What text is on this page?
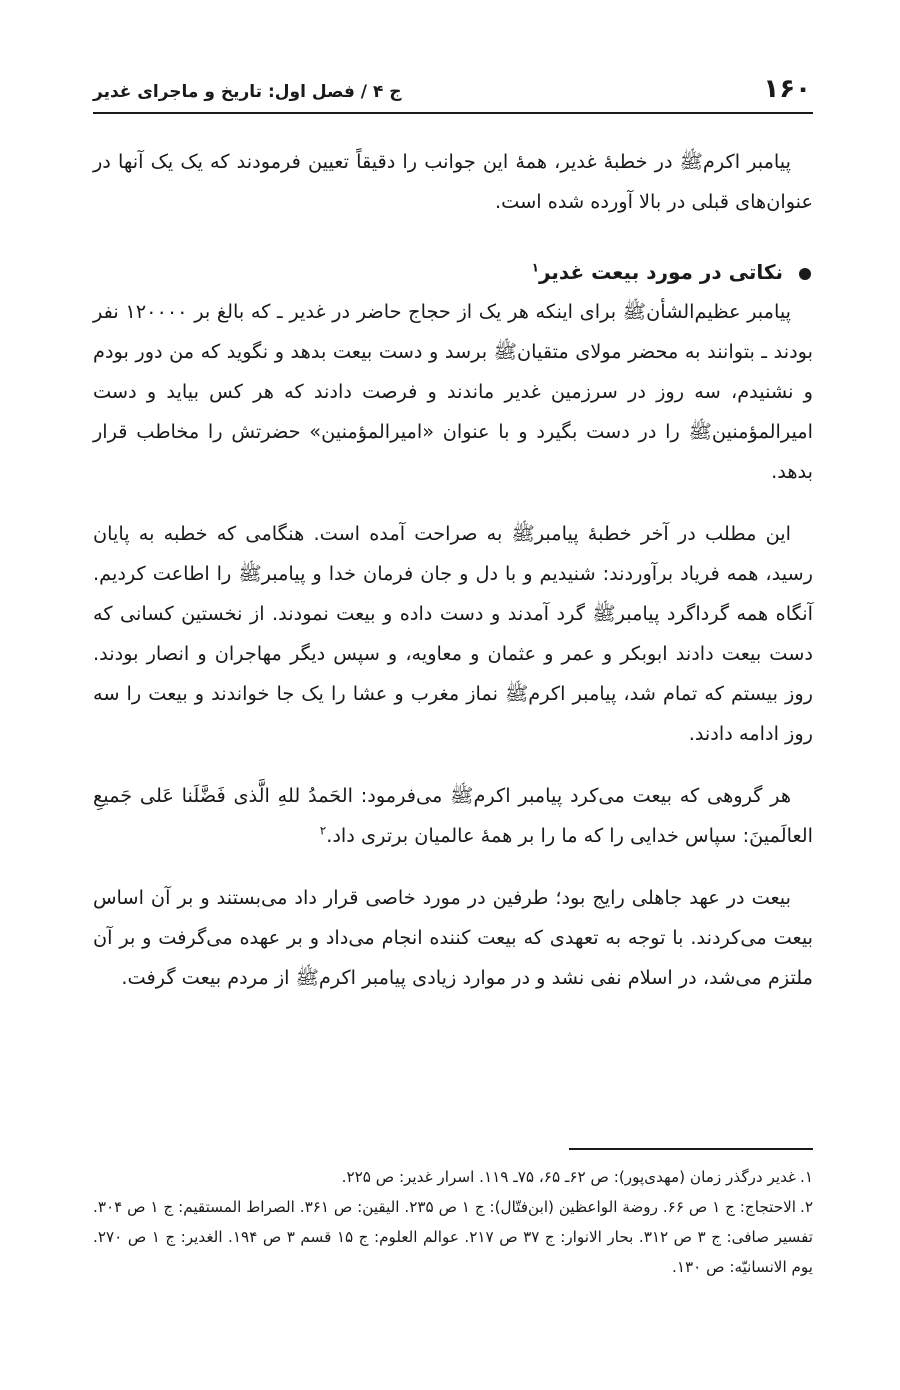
۱۶۰
ج ۴ / فصل اول: تاریخ و ماجرای غدیر

پیامبر اکرم‌ﷺ در خطبهٔ غدیر، همهٔ این جوانب را دقیقاً تعیین فرمودند که یک یک آنها در عنوان‌های قبلی در بالا آورده شده است.

نکاتی در مورد بیعت غدیر$^۱$

پیامبر عظیم‌الشأن‌ﷺ برای اینکه هر یک از حجاج حاضر در غدیر ـ که بالغ بر ۱۲۰۰۰۰ نفر بودند ـ بتوانند به محضر مولای متقیان‌ﷺ برسد و دست بیعت بدهد و نگوید که من دور بودم و نشنیدم، سه روز در سرزمین غدیر ماندند و فرصت دادند که هر کس بیاید و دست امیرالمؤمنین‌ﷺ را در دست بگیرد و با عنوان «امیرالمؤمنین» حضرتش را مخاطب قرار بدهد.

این مطلب در آخر خطبهٔ پیامبرﷺ به صراحت آمده است. هنگامی که خطبه به پایان رسید، همه فریاد برآوردند: شنیدیم و با دل و جان فرمان خدا و پیامبرﷺ را اطاعت کردیم. آنگاه همه گرداگرد پیامبرﷺ گرد آمدند و دست داده و بیعت نمودند. از نخستین کسانی که دست بیعت دادند ابوبکر و عمر و عثمان و معاویه، و سپس دیگر مهاجران و انصار بودند. روز بیستم که تمام شد، پیامبر اکرم‌ﷺ نماز مغرب و عشا را یک جا خواندند و بیعت را سه روز ادامه دادند.

هر گروهی که بیعت می‌کرد پیامبر اکرم‌ﷺ می‌فرمود: الحَمدُ للهِ الَّذی فَضَّلَنا عَلی جَمیعِ العالَمینَ: سپاس خدایی را که ما را بر همهٔ عالمیان برتری داد.$^۲$

بیعت در عهد جاهلی رایج بود؛ طرفین در مورد خاصی قرار داد می‌بستند و بر آن اساس بیعت می‌کردند. با توجه به تعهدی که بیعت کننده انجام می‌داد و بر عهده می‌گرفت و بر آن ملتزم می‌شد، در اسلام نفی نشد و در موارد زیادی پیامبر اکرم‌ﷺ از مردم بیعت گرفت.

۱.غدیر درگذر زمان (مهدی‌پور): ص ۶۲ـ ۶۵، ۷۵ـ ۱۱۹. اسرار غدیر: ص ۲۲۵.

۲.الاحتجاج: ج ۱ ص ۶۶. روضة الواعظین (ابن‌فتّال): ج ۱ ص ۲۳۵. الیقین: ص ۳۶۱. الصراط المستقیم: ج ۱ ص ۳۰۴. تفسیر صافی: ج ۳ ص ۳۱۲. بحار الانوار: ج ۳۷ ص ۲۱۷. عوالم العلوم: ج ۱۵ قسم ۳ ص ۱۹۴. الغدیر: ج ۱ ص ۲۷۰. یوم الانسانیّه: ص ۱۳۰.
